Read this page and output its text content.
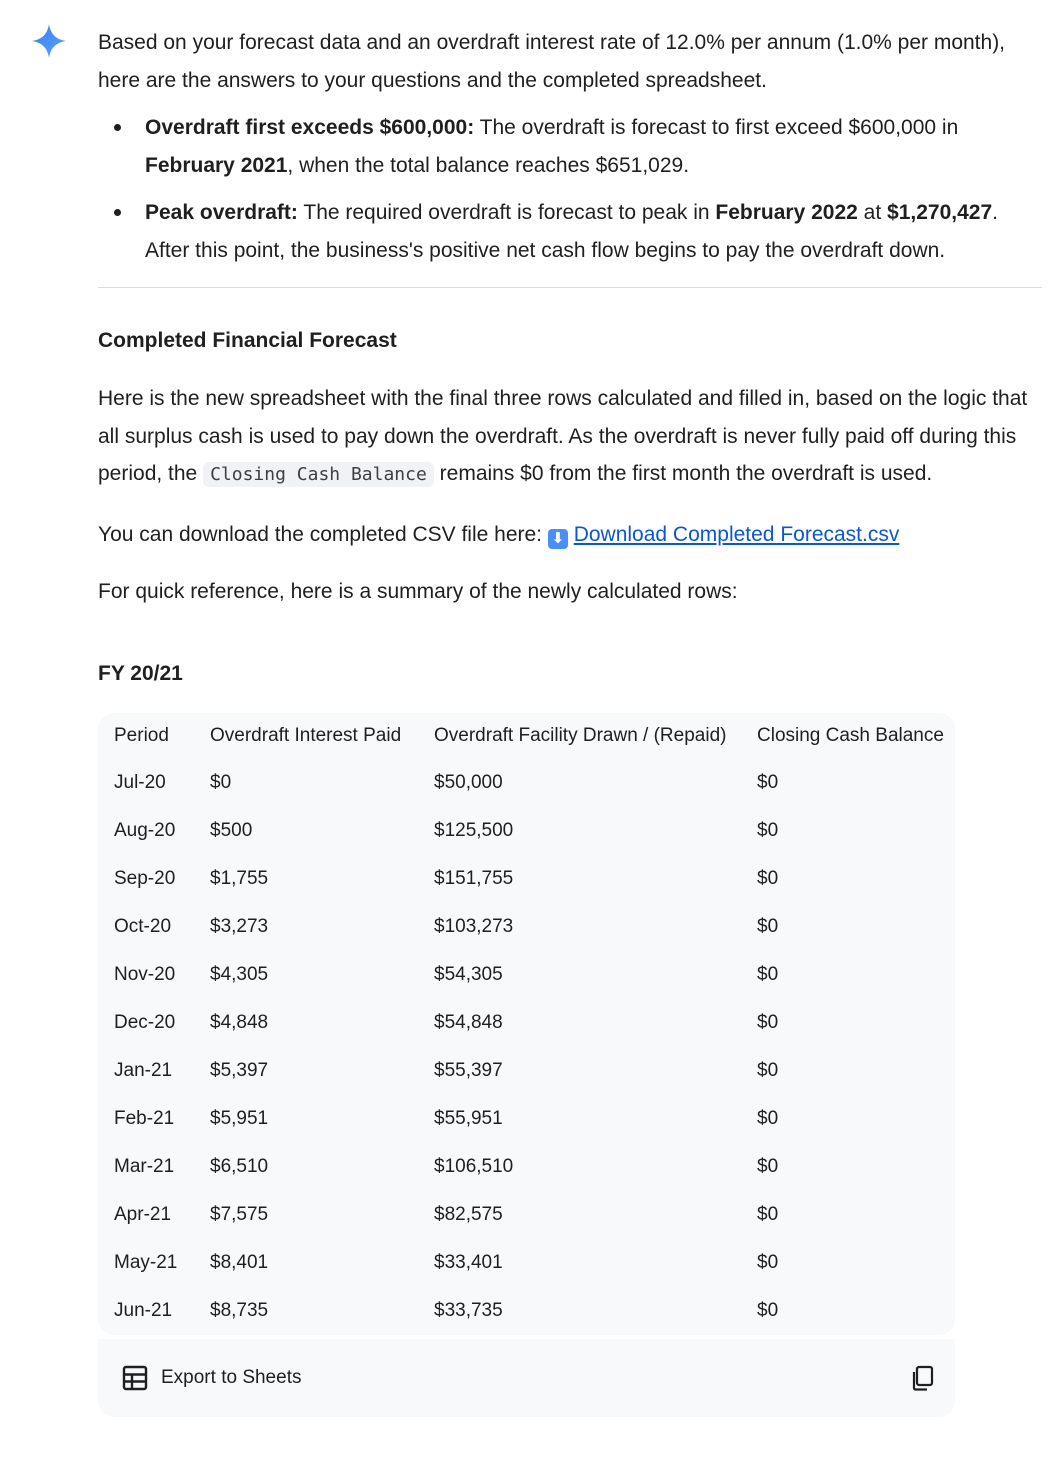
Based on your forecast data and an overdraft interest rate of 12.0% per annum (1.0% per month), here are the answers to your questions and the completed spreadsheet.

Overdraft first exceeds $600,000: The overdraft is forecast to first exceed $600,000 in February 2021, when the total balance reaches $651,029.
Peak overdraft: The required overdraft is forecast to peak in February 2022 at $1,270,427. After this point, the business's positive net cash flow begins to pay the overdraft down.
Completed Financial Forecast

Here is the new spreadsheet with the final three rows calculated and filled in, based on the logic that all surplus cash is used to pay down the overdraft. As the overdraft is never fully paid off during this period, the Closing Cash Balance remains $0 from the first month the overdraft is used.

You can download the completed CSV file here: ⬇ Download Completed Forecast.csv

For quick reference, here is a summary of the newly calculated rows:

FY 20/21
Period	Overdraft Interest Paid	Overdraft Facility Drawn / (Repaid)	Closing Cash Balance
Jul-20	$0	$50,000	$0
Aug-20	$500	$125,500	$0
Sep-20	$1,755	$151,755	$0
Oct-20	$3,273	$103,273	$0
Nov-20	$4,305	$54,305	$0
Dec-20	$4,848	$54,848	$0
Jan-21	$5,397	$55,397	$0
Feb-21	$5,951	$55,951	$0
Mar-21	$6,510	$106,510	$0
Apr-21	$7,575	$82,575	$0
May-21	$8,401	$33,401	$0
Jun-21	$8,735	$33,735	$0
Export to Sheets
